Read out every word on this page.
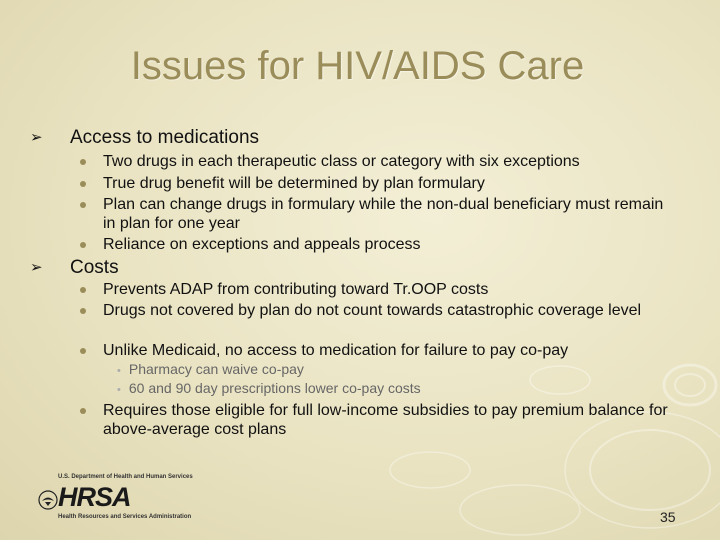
Issues for HIV/AIDS Care
➢ Access to medications
Two drugs in each therapeutic class or category with six exceptions
True drug benefit will be determined by plan formulary
Plan can change drugs in formulary while the non-dual beneficiary must remain in plan for one year
Reliance on exceptions and appeals process
➢ Costs
Prevents ADAP from contributing toward Tr.OOP costs
Drugs not covered by plan do not count towards catastrophic coverage level
Unlike Medicaid, no access to medication for failure to pay co-pay
• Pharmacy can waive co-pay
• 60 and 90 day prescriptions lower co-pay costs
Requires those eligible for full low-income subsidies to pay premium balance for above-average cost plans
U.S. Department of Health and Human Services
HRSA
Health Resources and Services Administration	35
